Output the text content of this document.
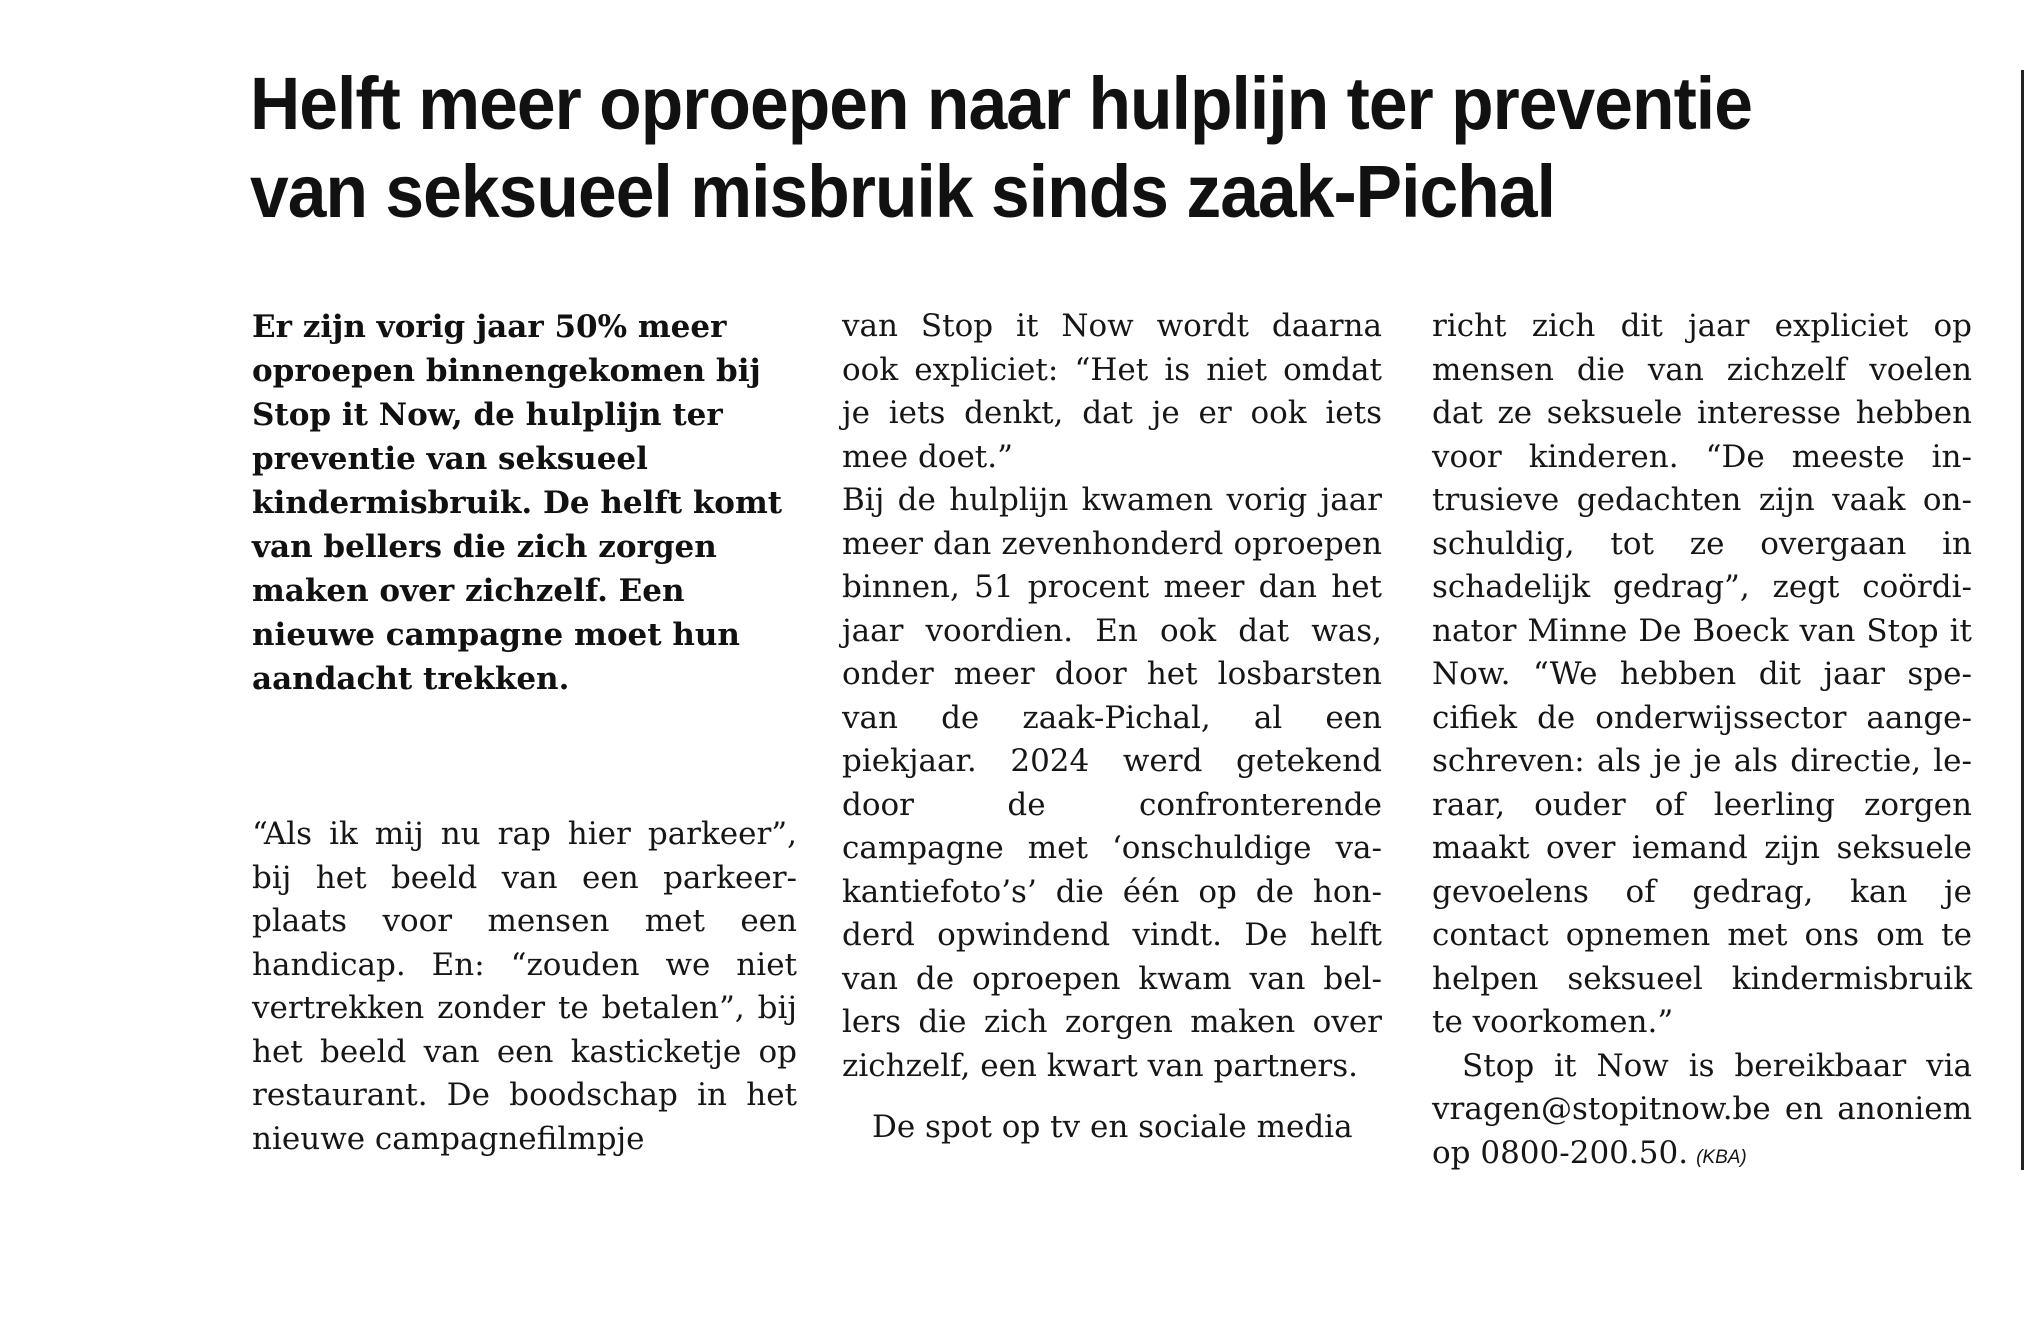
Helft meer oproepen naar hulplijn ter preventie
van seksueel misbruik sinds zaak-Pichal

Er zijn vorig jaar 50% meer oproepen binnengekomen bij Stop it Now, de hulplijn ter preventie van seksueel kindermisbruik. De helft komt van bellers die zich zorgen maken over zichzelf. Een nieuwe campagne moet hun aandacht trekken.

“Als ik mij nu rap hier parkeer”, bij het beeld van een parkeerplaats voor mensen met een handicap. En: “zouden we niet vertrekken zonder te betalen”, bij het beeld van een kasticketje op restaurant. De boodschap in het nieuwe campagnefilmpje

van Stop it Now wordt daarna ook expliciet: “Het is niet omdat je iets denkt, dat je er ook iets mee doet.”

Bij de hulplijn kwamen vorig jaar meer dan zevenhonderd oproepen binnen, 51 procent meer dan het jaar voordien. En ook dat was, onder meer door het losbarsten van de zaak-Pichal, al een piekjaar. 2024 werd getekend door de confronterende campagne met ‘onschuldige vakantiefoto’s’ die één op de honderd opwindend vindt. De helft van de oproepen kwam van bellers die zich zorgen maken over zichzelf, een kwart van partners.

De spot op tv en sociale media

richt zich dit jaar expliciet op mensen die van zichzelf voelen dat ze seksuele interesse hebben voor kinderen. “De meeste intrusieve gedachten zijn vaak onschuldig, tot ze overgaan in schadelijk gedrag”, zegt coördinator Minne De Boeck van Stop it Now. “We hebben dit jaar specifiek de onderwijssector aangeschreven: als je je als directie, leraar, ouder of leerling zorgen maakt over iemand zijn seksuele gevoelens of gedrag, kan je contact opnemen met ons om te helpen seksueel kindermisbruik te voorkomen.”

Stop it Now is bereikbaar via vragen@stopitnow.be en anoniem op 0800-200.50. (KBA)
